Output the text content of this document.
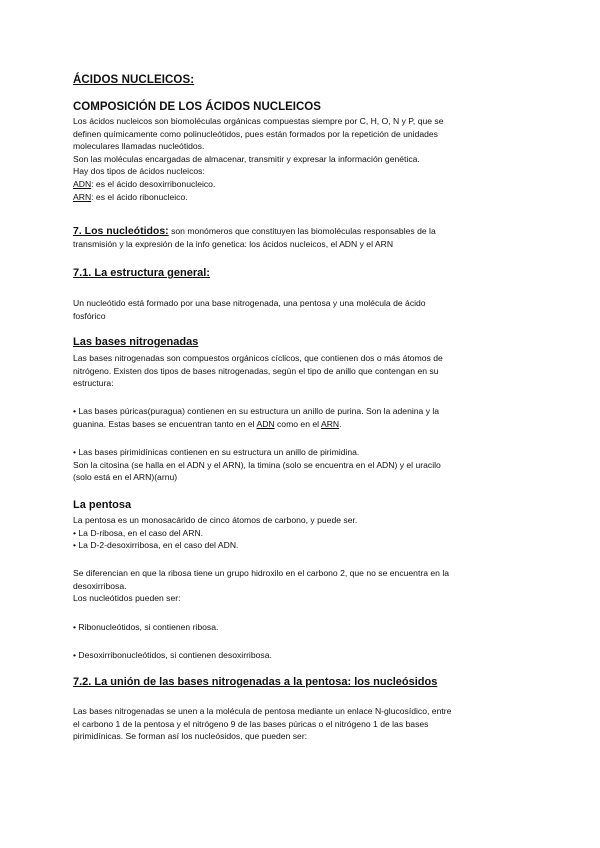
ÁCIDOS NUCLEICOS:
COMPOSICIÓN DE LOS ÁCIDOS NUCLEICOS
Los ácidos nucleicos son biomoléculas orgánicas compuestas siempre por C, H, O, N y P, que se
definen químicamente como polinucleótidos, pues están formados por la repetición de unidades
moleculares llamadas nucleótidos.
Son las moléculas encargadas de almacenar, transmitir y expresar la información genética.
Hay dos tipos de ácidos nucleicos:
ADN: es el ácido desoxirribonucleico.
ARN: es el ácido ribonucleico.
7. Los nucleótidos: son monómeros que constituyen las biomoléculas responsables de la
transmisión y la expresión de la info genetica: los ácidos nucleicos, el ADN y el ARN
7.1. La estructura general:
Un nucleótido está formado por una base nitrogenada, una pentosa y una molécula de ácido
fosfórico
Las bases nitrogenadas
Las bases nitrogenadas son compuestos orgánicos cíclicos, que contienen dos o más átomos de
nitrógeno. Existen dos tipos de bases nitrogenadas, según el tipo de anillo que contengan en su
estructura:
• Las bases púricas(puragua) contienen en su estructura un anillo de purina. Son la adenina y la
guanina. Estas bases se encuentran tanto en el ADN como en el ARN.
• Las bases pirimidínicas contienen en su estructura un anillo de pirimidina.
Son la citosina (se halla en el ADN y el ARN), la timina (solo se encuentra en el ADN) y el uracilo
(solo está en el ARN)(arnu)
La pentosa
La pentosa es un monosacárido de cinco átomos de carbono, y puede ser.
• La D-ribosa, en el caso del ARN.
• La D-2-desoxirribosa, en el caso del ADN.
Se diferencian en que la ribosa tiene un grupo hidroxilo en el carbono 2, que no se encuentra en la
desoxirribosa.
Los nucleótidos pueden ser:
• Ribonucleótidos, si contienen ribosa.
• Desoxirribonucleótidos, si contienen desoxirribosa.
7.2. La unión de las bases nitrogenadas a la pentosa: los nucleósidos
Las bases nitrogenadas se unen a la molécula de pentosa mediante un enlace N-glucosídico, entre
el carbono 1 de la pentosa y el nitrógeno 9 de las bases púricas o el nitrógeno 1 de las bases
pirimidínicas. Se forman así los nucleósidos, que pueden ser:
